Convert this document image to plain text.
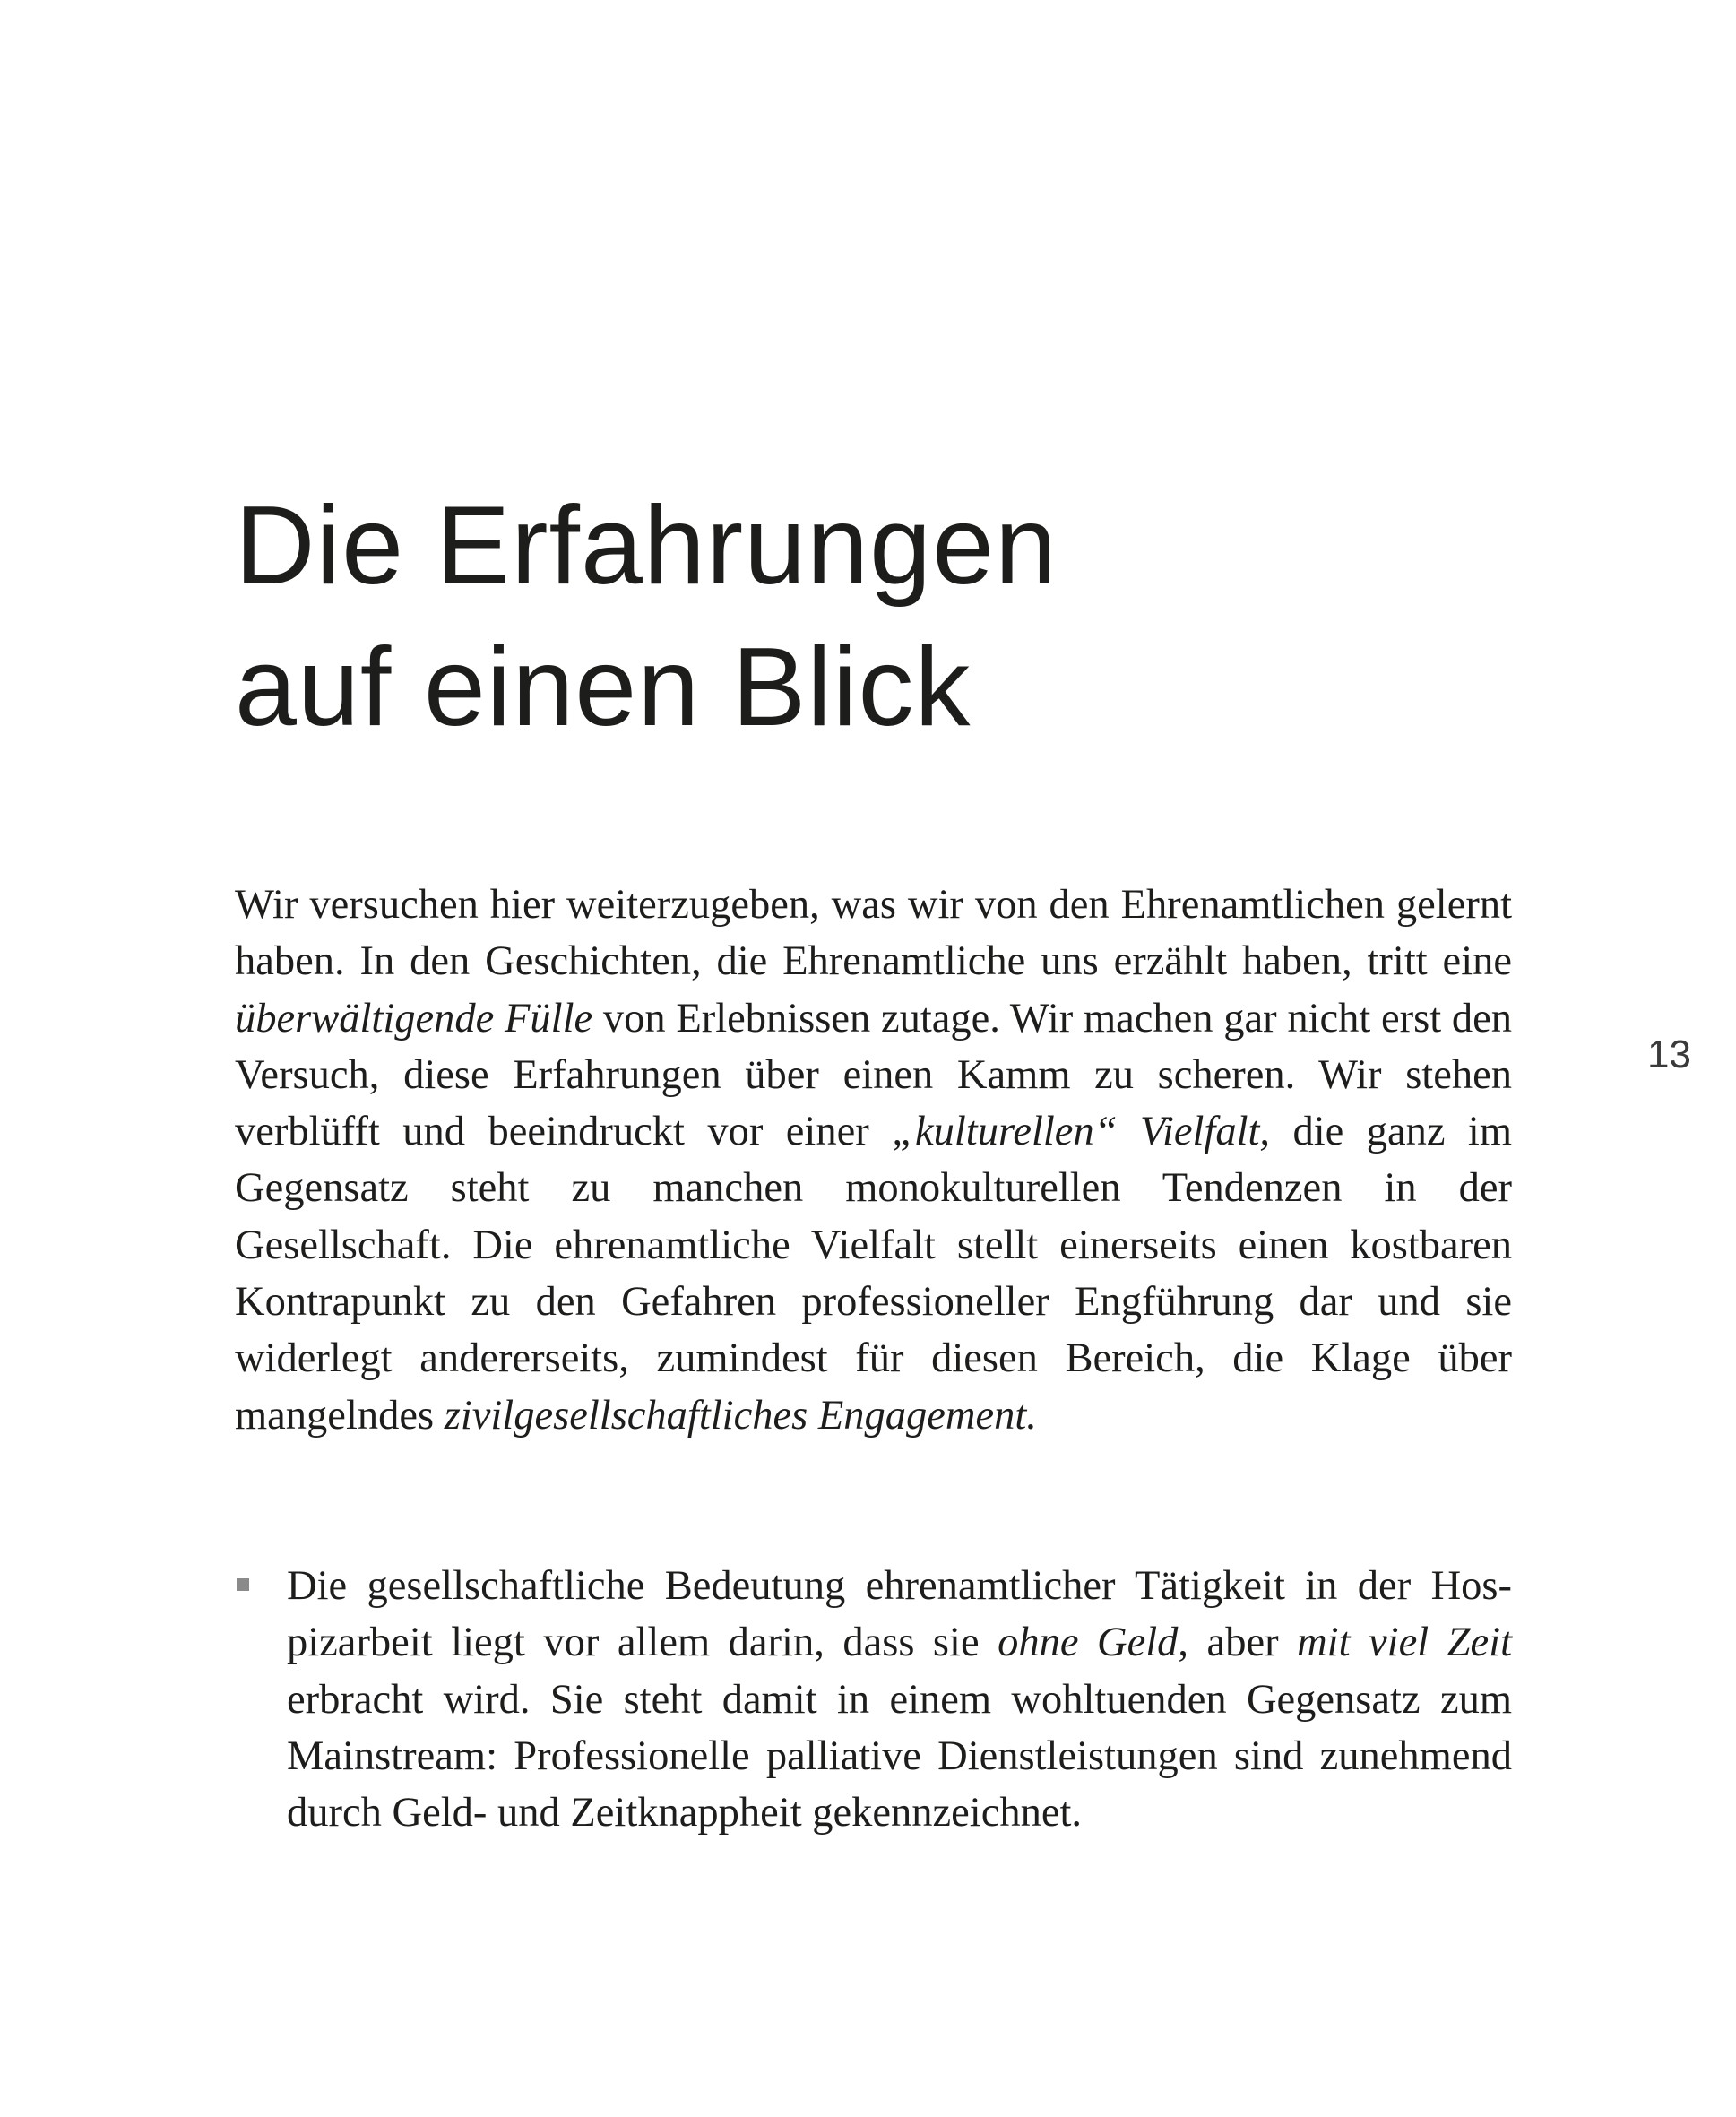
Die Erfahrungen
auf einen Blick
13

Wir versuchen hier weiterzugeben, was wir von den Ehrenamtlichen gelernt haben. In den Geschichten, die Ehrenamtliche uns erzählt haben, tritt eine überwältigende Fülle von Erlebnissen zutage. Wir machen gar nicht erst den Versuch, diese Erfahrungen über einen Kamm zu scheren. Wir stehen verblüfft und beeindruckt vor einer „kulturellen“ Vielfalt, die ganz im Gegensatz steht zu manchen monokulturellen Tendenzen in der Gesellschaft. Die ehrenamtliche Vielfalt stellt einerseits einen kostbaren Kontrapunkt zu den Gefahren professioneller Engführung dar und sie widerlegt andererseits, zumindest für diesen Bereich, die Klage über mangelndes zivilgesellschaftliches Engagement.

Die gesellschaftliche Bedeutung ehrenamtlicher Tätigkeit in der Hospizarbeit liegt vor allem darin, dass sie ohne Geld, aber mit viel Zeit erbracht wird. Sie steht damit in einem wohltuenden Gegensatz zum Mainstream: Professionelle palliative Dienstleistungen sind zunehmend durch Geld- und Zeitknappheit gekennzeichnet.
